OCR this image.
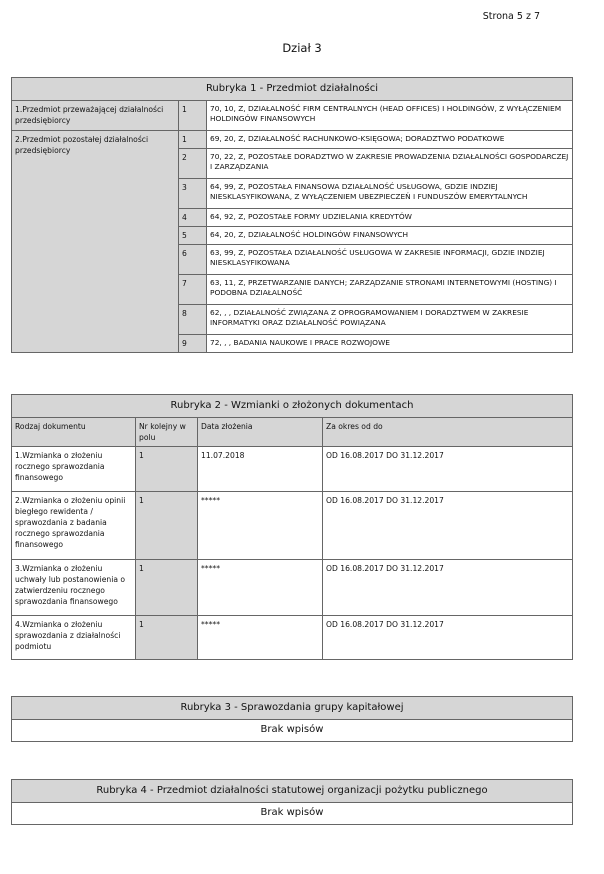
Strona 5 z 7
Dział 3
Rubryka 1 - Przedmiot działalności		
1.Przedmiot przeważającej działalności przedsiębiorcy	1	70, 10, Z, DZIAŁALNOŚĆ FIRM CENTRALNYCH (HEAD OFFICES) I HOLDINGÓW, Z WYŁĄCZENIEM HOLDINGÓW FINANSOWYCH
2.Przedmiot pozostałej działalności przedsiębiorcy	1	69, 20, Z, DZIAŁALNOŚĆ RACHUNKOWO-KSIĘGOWA; DORADZTWO PODATKOWE
	2	70, 22, Z, POZOSTAŁE DORADZTWO W ZAKRESIE PROWADZENIA DZIAŁALNOŚCI GOSPODARCZEJ I ZARZĄDZANIA
	3	64, 99, Z, POZOSTAŁA FINANSOWA DZIAŁALNOŚĆ USŁUGOWA, GDZIE INDZIEJ NIESKLASYFIKOWANA, Z WYŁĄCZENIEM UBEZPIECZEŃ I FUNDUSZÓW EMERYTALNYCH
	4	64, 92, Z, POZOSTAŁE FORMY UDZIELANIA KREDYTÓW
	5	64, 20, Z, DZIAŁALNOŚĆ HOLDINGÓW FINANSOWYCH
	6	63, 99, Z, POZOSTAŁA DZIAŁALNOŚĆ USŁUGOWA W ZAKRESIE INFORMACJI, GDZIE INDZIEJ NIESKLASYFIKOWANA
	7	63, 11, Z, PRZETWARZANIE DANYCH; ZARZĄDZANIE STRONAMI INTERNETOWYMI (HOSTING) I PODOBNA DZIAŁALNOŚĆ
	8	62, , , DZIAŁALNOŚĆ ZWIĄZANA Z OPROGRAMOWANIEM I DORADZTWEM W ZAKRESIE INFORMATYKI ORAZ DZIAŁALNOŚĆ POWIĄZANA
	9	72, , , BADANIA NAUKOWE I PRACE ROZWOJOWE
Rubryka 2 - Wzmianki o złożonych dokumentach			
Rodzaj dokumentu	Nr kolejny w polu	Data złożenia	Za okres od do
1.Wzmianka o złożeniu rocznego sprawozdania finansowego	1	11.07.2018	OD 16.08.2017 DO 31.12.2017
2.Wzmianka o złożeniu opinii biegłego rewidenta / sprawozdania z badania rocznego sprawozdania finansowego	1	*****	OD 16.08.2017 DO 31.12.2017
3.Wzmianka o złożeniu uchwały lub postanowienia o zatwierdzeniu rocznego sprawozdania finansowego	1	*****	OD 16.08.2017 DO 31.12.2017
4.Wzmianka o złożeniu sprawozdania z działalności podmiotu	1	*****	OD 16.08.2017 DO 31.12.2017
Rubryka 3 - Sprawozdania grupy kapitałowej
Brak wpisów
Rubryka 4 - Przedmiot działalności statutowej organizacji pożytku publicznego
Brak wpisów
